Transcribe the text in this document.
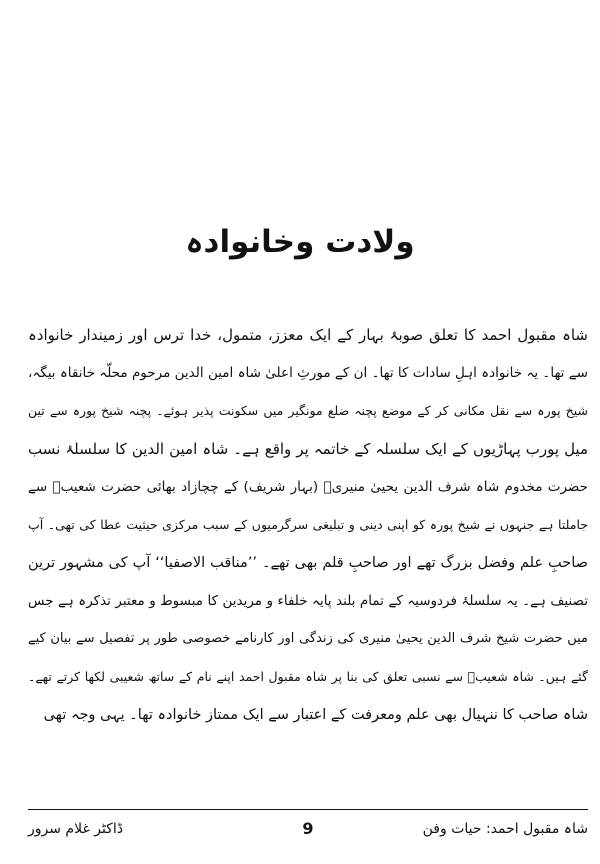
ولادت وخانوادہ
شاہ مقبول احمد کا تعلق صوبۂ بہار کے ایک معزز، متمول، خدا ترس اور زمیندار خانوادہ
سے تھا۔ یہ خانوادہ اہلِ سادات کا تھا۔ ان کے مورثِ اعلیٰ شاہ امین الدین مرحوم محلّہ خانقاہ بیگہ،
شیخ پورہ سے نقل مکانی کر کے موضع پچنہ ضلع مونگیر میں سکونت پذیر ہوئے۔ پچنہ شیخ پورہ سے تین
میل پورب پہاڑیوں کے ایک سلسلہ کے خاتمہ پر واقع ہے۔ شاہ امین الدین کا سلسلۂ نسب
حضرت مخدوم شاہ شرف الدین یحییٰ منیریؒ (بہار شریف) کے چچازاد بھائی حضرت شعیبؒ سے
جاملتا ہے جنہوں نے شیخ پورہ کو اپنی دینی و تبلیغی سرگرمیوں کے سبب مرکزی حیثیت عطا کی تھی۔ آپ
صاحبِ علم وفضل بزرگ تھے اور صاحبِ قلم بھی تھے۔ ’’مناقب الاصفیا‘‘ آپ کی مشہور ترین
تصنیف ہے۔ یہ سلسلۂ فردوسیہ کے تمام بلند پایہ خلفاء و مریدین کا مبسوط و معتبر تذکرہ ہے جس
میں حضرت شیخ شرف الدین یحییٰ منیری کی زندگی اور کارنامے خصوصی طور پر تفصیل سے بیان کیے
گئے ہیں۔ شاہ شعیبؒ سے نسبی تعلق کی بنا پر شاہ مقبول احمد اپنے نام کے ساتھ شعیبی لکھا کرتے تھے۔
شاہ صاحب کا ننہیال بھی علم ومعرفت کے اعتبار سے ایک ممتاز خانوادہ تھا۔ یہی وجہ تھی
شاہ مقبول احمد: حیات وفن
9
ڈاکٹر غلام سرور
